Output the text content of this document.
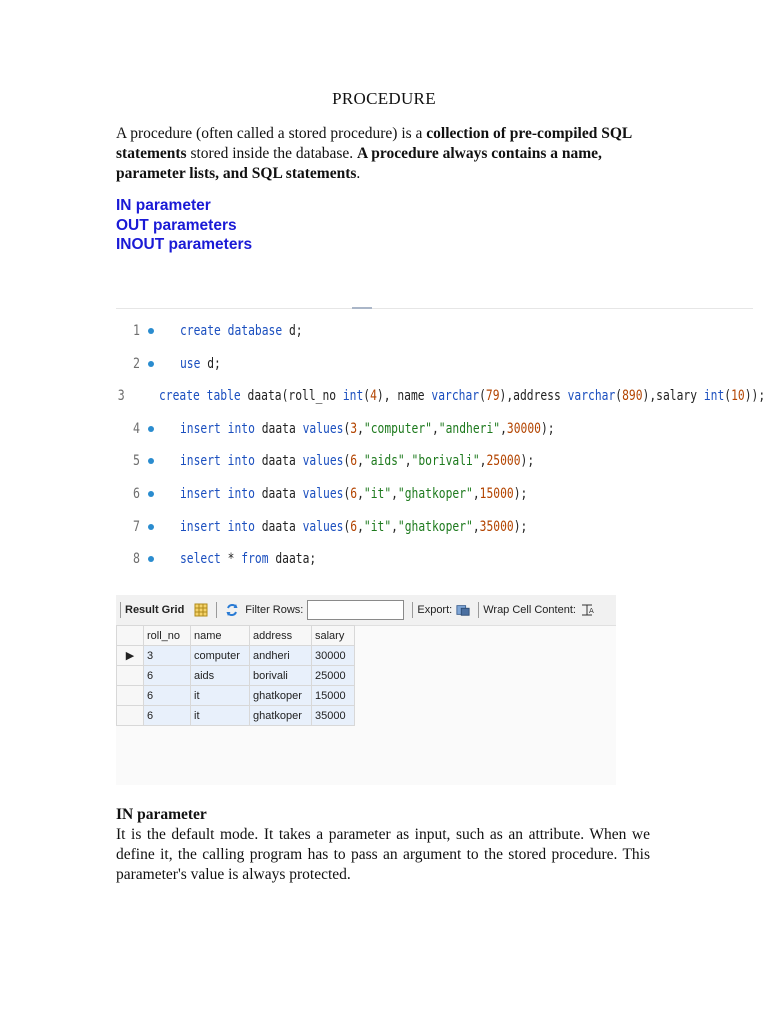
PROCEDURE
A procedure (often called a stored procedure) is a collection of pre-compiled SQL statements stored inside the database. A procedure always contains a name, parameter lists, and SQL statements.
IN parameter
OUT parameters
INOUT parameters
1	create database d;
2	use d;
3 create table daata(roll_no int(4), name varchar(79),address varchar(890),salary int(10));
4	insert into daata values(3,"computer","andheri",30000);
5	insert into daata values(6,"aids","borivali",25000);
6	insert into daata values(6,"it","ghatkoper",15000);
7	insert into daata values(6,"it","ghatkoper",35000);
8	select * from daata;
Result Grid	Filter Rows:	Export:	Wrap Cell Content: A
	roll_no	name	address	salary
▶	3	computer	andheri	30000
	6	aids	borivali	25000
	6	it	ghatkoper	15000
	6	it	ghatkoper	35000
IN parameter
It is the default mode. It takes a parameter as input, such as an attribute. When we define it, the calling program has to pass an argument to the stored procedure. This parameter's value is always protected.
